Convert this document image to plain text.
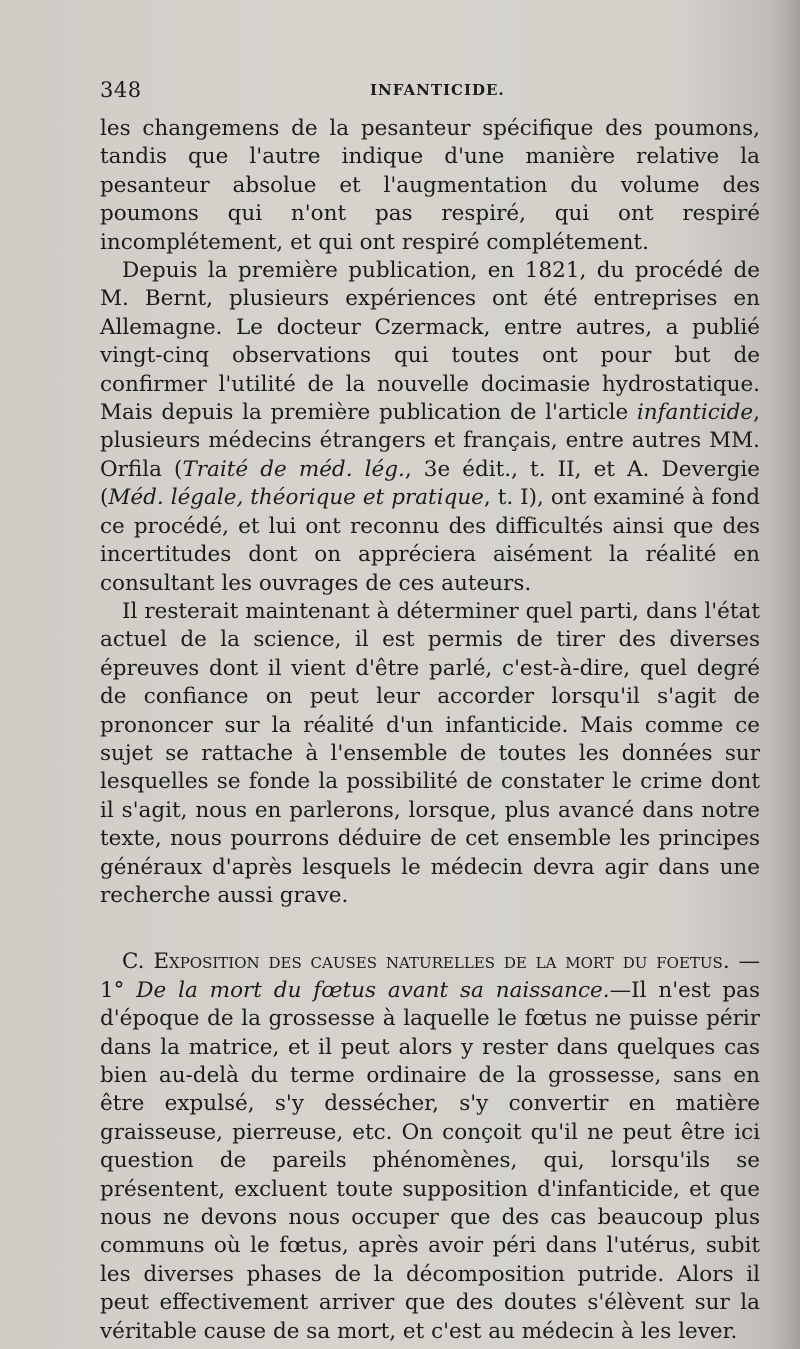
348	INFANTICIDE.

les changemens de la pesanteur spécifique des poumons, tandis que l'autre indique d'une manière relative la pesanteur absolue et l'augmentation du volume des poumons qui n'ont pas respiré, qui ont respiré incomplétement, et qui ont respiré complétement.

Depuis la première publication, en 1821, du procédé de M. Bernt, plusieurs expériences ont été entreprises en Allemagne. Le docteur Czermack, entre autres, a publié vingt-cinq observations qui toutes ont pour but de confirmer l'utilité de la nouvelle docimasie hydrostatique. Mais depuis la première publication de l'article infanticide, plusieurs médecins étrangers et français, entre autres MM. Orfila (Traité de méd. lég., 3e édit., t. II, et A. Devergie (Méd. légale, théorique et pratique, t. I), ont examiné à fond ce procédé, et lui ont reconnu des difficultés ainsi que des incertitudes dont on appréciera aisément la réalité en consultant les ouvrages de ces auteurs.

Il resterait maintenant à déterminer quel parti, dans l'état actuel de la science, il est permis de tirer des diverses épreuves dont il vient d'être parlé, c'est-à-dire, quel degré de confiance on peut leur accorder lorsqu'il s'agit de prononcer sur la réalité d'un infanticide. Mais comme ce sujet se rattache à l'ensemble de toutes les données sur lesquelles se fonde la possibilité de constater le crime dont il s'agit, nous en parlerons, lorsque, plus avancé dans notre texte, nous pourrons déduire de cet ensemble les principes généraux d'après lesquels le médecin devra agir dans une recherche aussi grave.

C. Exposition des causes naturelles de la mort du foetus. — 1° De la mort du fœtus avant sa naissance.—Il n'est pas d'époque de la grossesse à laquelle le fœtus ne puisse périr dans la matrice, et il peut alors y rester dans quelques cas bien au-delà du terme ordinaire de la grossesse, sans en être expulsé, s'y dessécher, s'y convertir en matière graisseuse, pierreuse, etc. On conçoit qu'il ne peut être ici question de pareils phénomènes, qui, lorsqu'ils se présentent, excluent toute supposition d'infanticide, et que nous ne devons nous occuper que des cas beaucoup plus communs où le fœtus, après avoir péri dans l'utérus, subit les diverses phases de la décomposition putride. Alors il peut effectivement arriver que des doutes s'élèvent sur la véritable cause de sa mort, et c'est au médecin à les lever.
